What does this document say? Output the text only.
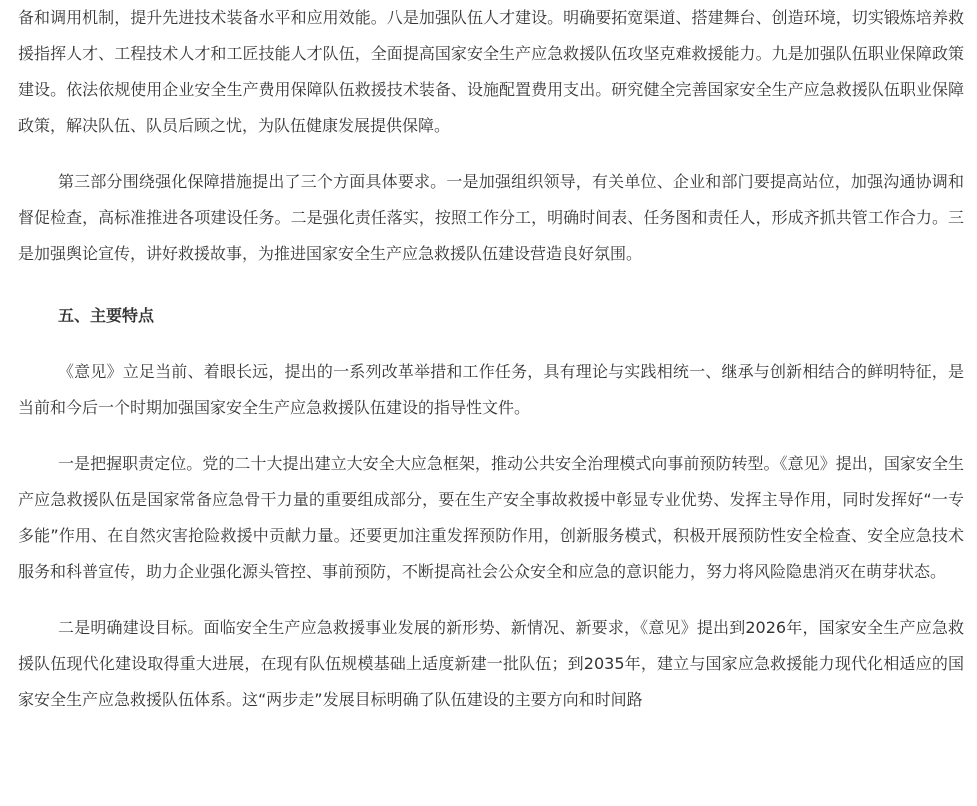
备和调用机制，提升先进技术装备水平和应用效能。八是加强队伍人才建设。明确要拓宽渠道、搭建舞台、创造环境，切实锻炼培养救援指挥人才、工程技术人才和工匠技能人才队伍，全面提高国家安全生产应急救援队伍攻坚克难救援能力。九是加强队伍职业保障政策建设。依法依规使用企业安全生产费用保障队伍救援技术装备、设施配置费用支出。研究健全完善国家安全生产应急救援队伍职业保障政策，解决队伍、队员后顾之忧，为队伍健康发展提供保障。

第三部分围绕强化保障措施提出了三个方面具体要求。一是加强组织领导，有关单位、企业和部门要提高站位，加强沟通协调和督促检查，高标准推进各项建设任务。二是强化责任落实，按照工作分工，明确时间表、任务图和责任人，形成齐抓共管工作合力。三是加强舆论宣传，讲好救援故事，为推进国家安全生产应急救援队伍建设营造良好氛围。

五、主要特点

《意见》立足当前、着眼长远，提出的一系列改革举措和工作任务，具有理论与实践相统一、继承与创新相结合的鲜明特征，是当前和今后一个时期加强国家安全生产应急救援队伍建设的指导性文件。

一是把握职责定位。党的二十大提出建立大安全大应急框架，推动公共安全治理模式向事前预防转型。《意见》提出，国家安全生产应急救援队伍是国家常备应急骨干力量的重要组成部分，要在生产安全事故救援中彰显专业优势、发挥主导作用，同时发挥好“一专多能”作用、在自然灾害抢险救援中贡献力量。还要更加注重发挥预防作用，创新服务模式，积极开展预防性安全检查、安全应急技术服务和科普宣传，助力企业强化源头管控、事前预防，不断提高社会公众安全和应急的意识能力，努力将风险隐患消灭在萌芽状态。

二是明确建设目标。面临安全生产应急救援事业发展的新形势、新情况、新要求，《意见》提出到2026年，国家安全生产应急救援队伍现代化建设取得重大进展，在现有队伍规模基础上适度新建一批队伍；到2035年，建立与国家应急救援能力现代化相适应的国家安全生产应急救援队伍体系。这“两步走”发展目标明确了队伍建设的主要方向和时间路
